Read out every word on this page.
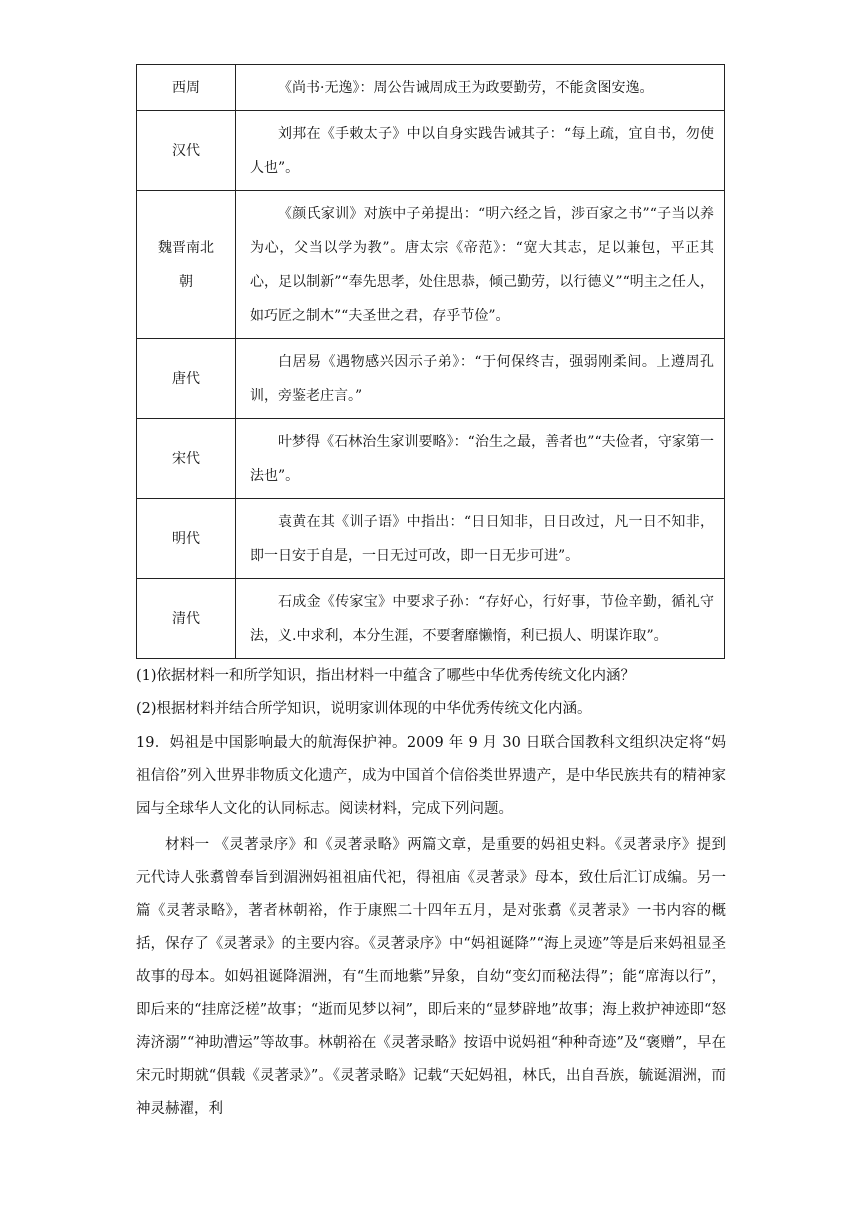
西周	《尚书·无逸》：周公告诫周成王为政要勤劳，不能贪图安逸。
汉代	刘邦在《手敕太子》中以自身实践告诫其子：“每上疏，宜自书，勿使人也”。
魏晋南北朝	《颜氏家训》对族中子弟提出：“明六经之旨，涉百家之书”“子当以养为心，父当以学为教”。唐太宗《帝范》：“宽大其志，足以兼包，平正其心，足以制新”“奉先思孝，处住思恭，倾己勤劳，以行德义”“明主之任人，如巧匠之制木”“夫圣世之君，存乎节俭”。
唐代	白居易《遇物感兴因示子弟》：“于何保终吉，强弱刚柔间。上遵周孔训，旁鉴老庄言。”
宋代	叶梦得《石林治生家训要略》：“治生之最，善者也”“夫俭者，守家第一法也”。
明代	袁黄在其《训子语》中指出：“日日知非，日日改过，凡一日不知非，即一日安于自是，一日无过可改，即一日无步可进”。
清代	石成金《传家宝》中要求子孙：“存好心，行好事，节俭辛勤，循礼守法，义.中求利，本分生涯，不要奢靡懒惰，利已损人、明谋诈取”。
(1)依据材料一和所学知识，指出材料一中蕴含了哪些中华优秀传统文化内涵？
(2)根据材料并结合所学知识，说明家训体现的中华优秀传统文化内涵。
19．妈祖是中国影响最大的航海保护神。2009 年 9 月 30 日联合国教科文组织决定将“妈祖信俗”列入世界非物质文化遗产，成为中国首个信俗类世界遗产，是中华民族共有的精神家园与全球华人文化的认同标志。阅读材料，完成下列问题。
材料一 《灵著录序》和《灵著录略》两篇文章，是重要的妈祖史料。《灵著录序》提到元代诗人张翥曾奉旨到湄洲妈祖祖庙代祀，得祖庙《灵著录》母本，致仕后汇订成编。另一篇《灵著录略》，著者林朝裕，作于康熙二十四年五月，是对张翥《灵著录》一书内容的概括，保存了《灵著录》的主要内容。《灵著录序》中“妈祖诞降”“海上灵迹”等是后来妈祖显圣故事的母本。如妈祖诞降湄洲，有“生而地紫”异象，自幼“变幻而秘法得”；能“席海以行”，即后来的“挂席泛槎”故事；“逝而见梦以祠”，即后来的“显梦辟地”故事；海上救护神迹即“怒涛济溺”“神助漕运”等故事。林朝裕在《灵著录略》按语中说妈祖“种种奇迹”及“褒赠”，早在宋元时期就“俱载《灵著录》”。《灵著录略》记载“天妃妈祖，林氏，出自吾族，毓诞湄洲，而神灵赫濯，利
